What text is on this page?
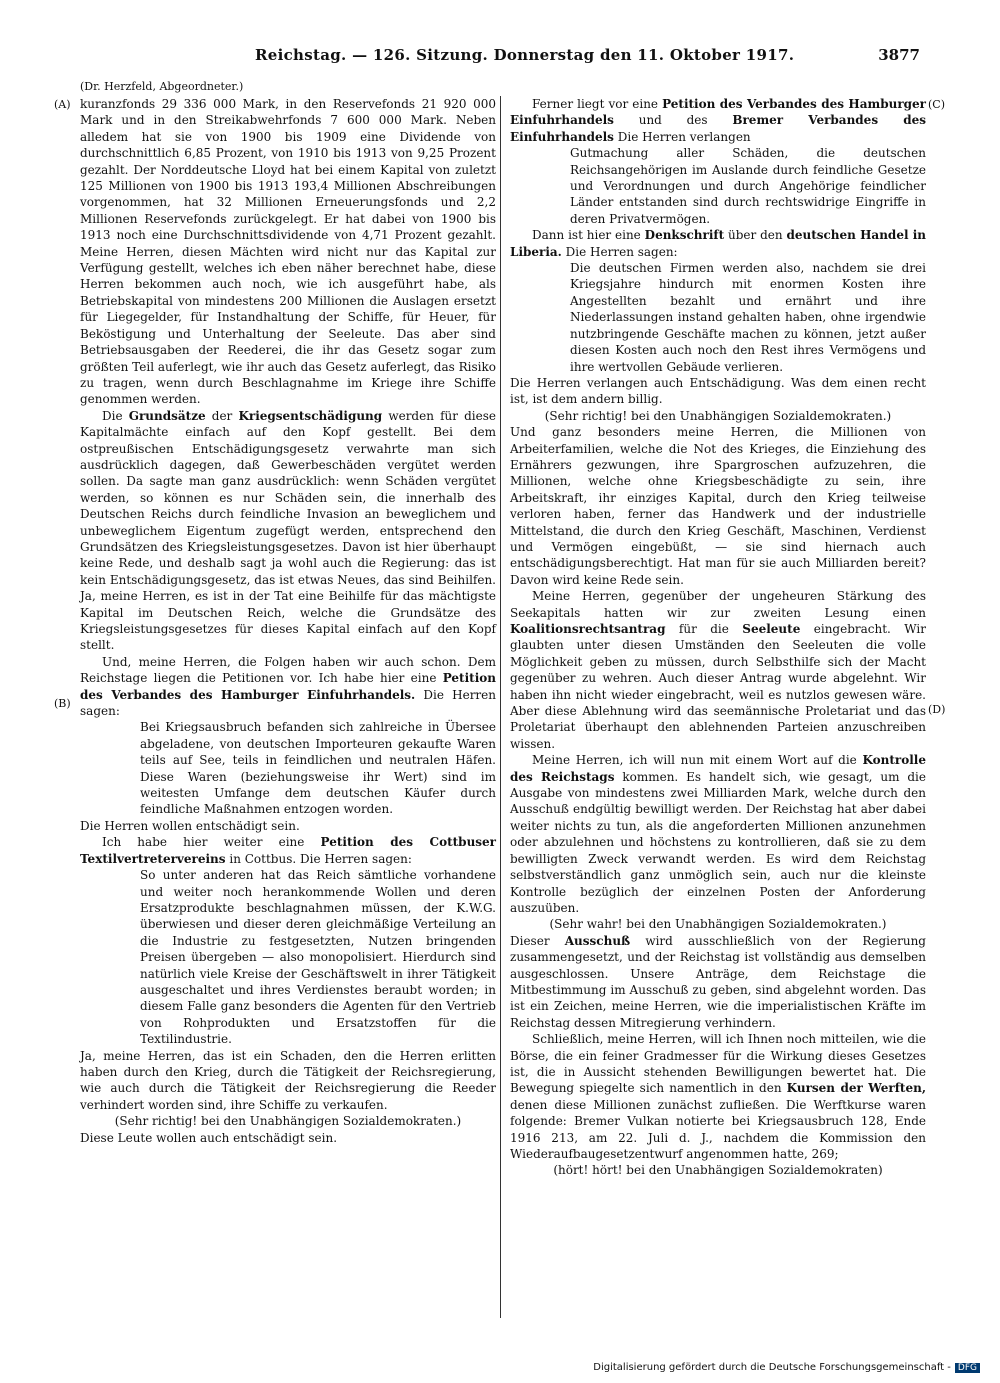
Reichstag. — 126. Sitzung. Donnerstag den 11. Oktober 1917.	3877
(Dr. Herzfeld, Abgeordneter.)
(A)
(B)
(C)
(D)

kuranzfonds 29 336 000 Mark, in den Reservefonds 21 920 000 Mark und in den Streikabwehrfonds 7 600 000 Mark. Neben alledem hat sie von 1900 bis 1909 eine Dividende von durchschnittlich 6,85 Prozent, von 1910 bis 1913 von 9,25 Prozent gezahlt. Der Norddeutsche Lloyd hat bei einem Kapital von zuletzt 125 Millionen von 1900 bis 1913 193,4 Millionen Abschreibungen vorgenommen, hat 32 Millionen Erneuerungsfonds und 2,2 Millionen Reservefonds zurückgelegt. Er hat dabei von 1900 bis 1913 noch eine Durchschnittsdividende von 4,71 Prozent gezahlt. Meine Herren, diesen Mächten wird nicht nur das Kapital zur Verfügung gestellt, welches ich eben näher berechnet habe, diese Herren bekommen auch noch, wie ich ausgeführt habe, als Betriebskapital von mindestens 200 Millionen die Auslagen ersetzt für Liegegelder, für Instandhaltung der Schiffe, für Heuer, für Beköstigung und Unterhaltung der Seeleute. Das aber sind Betriebsausgaben der Reederei, die ihr das Gesetz sogar zum größten Teil auferlegt, wie ihr auch das Gesetz auferlegt, das Risiko zu tragen, wenn durch Beschlagnahme im Kriege ihre Schiffe genommen werden.

Die Grundsätze der Kriegsentschädigung werden für diese Kapitalmächte einfach auf den Kopf gestellt. Bei dem ostpreußischen Entschädigungsgesetz verwahrte man sich ausdrücklich dagegen, daß Gewerbeschäden vergütet werden sollen. Da sagte man ganz ausdrücklich: wenn Schäden vergütet werden, so können es nur Schäden sein, die innerhalb des Deutschen Reichs durch feindliche Invasion an beweglichem und unbeweglichem Eigentum zugefügt werden, entsprechend den Grundsätzen des Kriegsleistungsgesetzes. Davon ist hier überhaupt keine Rede, und deshalb sagt ja wohl auch die Regierung: das ist kein Entschädigungsgesetz, das ist etwas Neues, das sind Beihilfen. Ja, meine Herren, es ist in der Tat eine Beihilfe für das mächtigste Kapital im Deutschen Reich, welche die Grundsätze des Kriegsleistungsgesetzes für dieses Kapital einfach auf den Kopf stellt.

Und, meine Herren, die Folgen haben wir auch schon. Dem Reichstage liegen die Petitionen vor. Ich habe hier eine Petition des Verbandes des Hamburger Einfuhrhandels. Die Herren sagen:

Bei Kriegsausbruch befanden sich zahlreiche in Übersee abgeladene, von deutschen Importeuren gekaufte Waren teils auf See, teils in feindlichen und neutralen Häfen. Diese Waren (beziehungsweise ihr Wert) sind im weitesten Umfange dem deutschen Käufer durch feindliche Maßnahmen entzogen worden.

Die Herren wollen entschädigt sein.

Ich habe hier weiter eine Petition des Cottbuser Textilvertretervereins in Cottbus. Die Herren sagen:

So unter anderen hat das Reich sämtliche vorhandene und weiter noch herankommende Wollen und deren Ersatzprodukte beschlagnahmen müssen, der K.W.G. überwiesen und dieser deren gleichmäßige Verteilung an die Industrie zu festgesetzten, Nutzen bringenden Preisen übergeben — also monopolisiert. Hierdurch sind natürlich viele Kreise der Geschäftswelt in ihrer Tätigkeit ausgeschaltet und ihres Verdienstes beraubt worden; in diesem Falle ganz besonders die Agenten für den Vertrieb von Rohprodukten und Ersatzstoffen für die Textilindustrie.

Ja, meine Herren, das ist ein Schaden, den die Herren erlitten haben durch den Krieg, durch die Tätigkeit der Reichsregierung, wie auch durch die Tätigkeit der Reichsregierung die Reeder verhindert worden sind, ihre Schiffe zu verkaufen.

(Sehr richtig! bei den Unabhängigen Sozialdemokraten.)

Diese Leute wollen auch entschädigt sein.

Ferner liegt vor eine Petition des Verbandes des Hamburger Einfuhrhandels und des Bremer Verbandes des Einfuhrhandels Die Herren verlangen

Gutmachung aller Schäden, die deutschen Reichsangehörigen im Auslande durch feindliche Gesetze und Verordnungen und durch Angehörige feindlicher Länder entstanden sind durch rechtswidrige Eingriffe in deren Privatvermögen.

Dann ist hier eine Denkschrift über den deutschen Handel in Liberia. Die Herren sagen:

Die deutschen Firmen werden also, nachdem sie drei Kriegsjahre hindurch mit enormen Kosten ihre Angestellten bezahlt und ernährt und ihre Niederlassungen instand gehalten haben, ohne irgendwie nutzbringende Geschäfte machen zu können, jetzt außer diesen Kosten auch noch den Rest ihres Vermögens und ihre wertvollen Gebäude verlieren.

Die Herren verlangen auch Entschädigung. Was dem einen recht ist, ist dem andern billig.

(Sehr richtig! bei den Unabhängigen Sozialdemokraten.)

Und ganz besonders meine Herren, die Millionen von Arbeiterfamilien, welche die Not des Krieges, die Einziehung des Ernährers gezwungen, ihre Spargroschen aufzuzehren, die Millionen, welche ohne Kriegsbeschädigte zu sein, ihre Arbeitskraft, ihr einziges Kapital, durch den Krieg teilweise verloren haben, ferner das Handwerk und der industrielle Mittelstand, die durch den Krieg Geschäft, Maschinen, Verdienst und Vermögen eingebüßt, — sie sind hiernach auch entschädigungsberechtigt. Hat man für sie auch Milliarden bereit? Davon wird keine Rede sein.

Meine Herren, gegenüber der ungeheuren Stärkung des Seekapitals hatten wir zur zweiten Lesung einen Koalitionsrechtsantrag für die Seeleute eingebracht. Wir glaubten unter diesen Umständen den Seeleuten die volle Möglichkeit geben zu müssen, durch Selbsthilfe sich der Macht gegenüber zu wehren. Auch dieser Antrag wurde abgelehnt. Wir haben ihn nicht wieder eingebracht, weil es nutzlos gewesen wäre. Aber diese Ablehnung wird das seemännische Proletariat und das Proletariat überhaupt den ablehnenden Parteien anzuschreiben wissen.

Meine Herren, ich will nun mit einem Wort auf die Kontrolle des Reichstags kommen. Es handelt sich, wie gesagt, um die Ausgabe von mindestens zwei Milliarden Mark, welche durch den Ausschuß endgültig bewilligt werden. Der Reichstag hat aber dabei weiter nichts zu tun, als die angeforderten Millionen anzunehmen oder abzulehnen und höchstens zu kontrollieren, daß sie zu dem bewilligten Zweck verwandt werden. Es wird dem Reichstag selbstverständlich ganz unmöglich sein, auch nur die kleinste Kontrolle bezüglich der einzelnen Posten der Anforderung auszuüben.

(Sehr wahr! bei den Unabhängigen Sozialdemokraten.)

Dieser Ausschuß wird ausschließlich von der Regierung zusammengesetzt, und der Reichstag ist vollständig aus demselben ausgeschlossen. Unsere Anträge, dem Reichstage die Mitbestimmung im Ausschuß zu geben, sind abgelehnt worden. Das ist ein Zeichen, meine Herren, wie die imperialistischen Kräfte im Reichstag dessen Mitregierung verhindern.

Schließlich, meine Herren, will ich Ihnen noch mitteilen, wie die Börse, die ein feiner Gradmesser für die Wirkung dieses Gesetzes ist, die in Aussicht stehenden Bewilligungen bewertet hat. Die Bewegung spiegelte sich namentlich in den Kursen der Werften, denen diese Millionen zunächst zufließen. Die Werftkurse waren folgende: Bremer Vulkan notierte bei Kriegsausbruch 128, Ende 1916 213, am 22. Juli d. J., nachdem die Kommission den Wiederaufbaugesetzentwurf angenommen hatte, 269;

(hört! hört! bei den Unabhängigen Sozialdemokraten)

Digitalisierung gefördert durch die Deutsche Forschungsgemeinschaft - DFG
